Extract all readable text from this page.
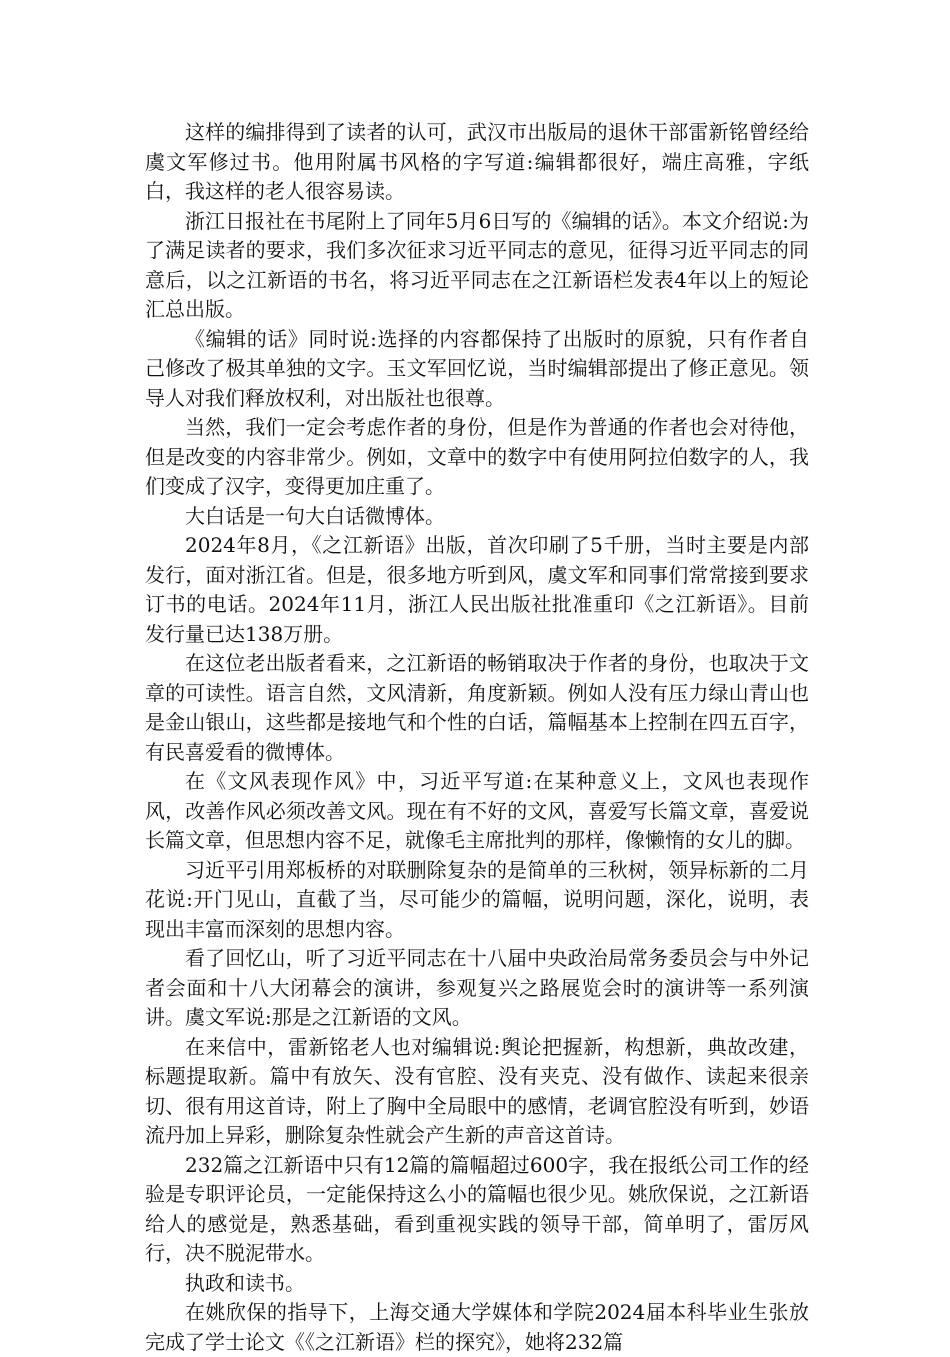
这样的编排得到了读者的认可，武汉市出版局的退休干部雷新铭曾经给虞文军修过书。他用附属书风格的字写道:编辑都很好，端庄高雅，字纸白，我这样的老人很容易读。

浙江日报社在书尾附上了同年5月6日写的《编辑的话》。本文介绍说:为了满足读者的要求，我们多次征求习近平同志的意见，征得习近平同志的同意后，以之江新语的书名，将习近平同志在之江新语栏发表4年以上的短论汇总出版。

《编辑的话》同时说:选择的内容都保持了出版时的原貌，只有作者自己修改了极其单独的文字。玉文军回忆说，当时编辑部提出了修正意见。领导人对我们释放权利，对出版社也很尊。

当然，我们一定会考虑作者的身份，但是作为普通的作者也会对待他，但是改变的内容非常少。例如，文章中的数字中有使用阿拉伯数字的人，我们变成了汉字，变得更加庄重了。

大白话是一句大白话微博体。

2024年8月，《之江新语》出版，首次印刷了5千册，当时主要是内部发行，面对浙江省。但是，很多地方听到风，虞文军和同事们常常接到要求订书的电话。2024年11月，浙江人民出版社批准重印《之江新语》。目前发行量已达138万册。

在这位老出版者看来，之江新语的畅销取决于作者的身份，也取决于文章的可读性。语言自然，文风清新，角度新颖。例如人没有压力绿山青山也是金山银山，这些都是接地气和个性的白话，篇幅基本上控制在四五百字，有民喜爱看的微博体。

在《文风表现作风》中，习近平写道:在某种意义上，文风也表现作风，改善作风必须改善文风。现在有不好的文风，喜爱写长篇文章，喜爱说长篇文章，但思想内容不足，就像毛主席批判的那样，像懒惰的女儿的脚。

习近平引用郑板桥的对联删除复杂的是简单的三秋树，领异标新的二月花说:开门见山，直截了当，尽可能少的篇幅，说明问题，深化，说明，表现出丰富而深刻的思想内容。

看了回忆山，听了习近平同志在十八届中央政治局常务委员会与中外记者会面和十八大闭幕会的演讲，参观复兴之路展览会时的演讲等一系列演讲。虞文军说:那是之江新语的文风。

在来信中，雷新铭老人也对编辑说:舆论把握新，构想新，典故改建，标题提取新。篇中有放矢、没有官腔、没有夹克、没有做作、读起来很亲切、很有用这首诗，附上了胸中全局眼中的感情，老调官腔没有听到，妙语流丹加上异彩，删除复杂性就会产生新的声音这首诗。

232篇之江新语中只有12篇的篇幅超过600字，我在报纸公司工作的经验是专职评论员，一定能保持这么小的篇幅也很少见。姚欣保说，之江新语给人的感觉是，熟悉基础，看到重视实践的领导干部，简单明了，雷厉风行，决不脱泥带水。

执政和读书。

在姚欣保的指导下，上海交通大学媒体和学院2024届本科毕业生张放完成了学士论文《《之江新语》栏的探究》，她将232篇
